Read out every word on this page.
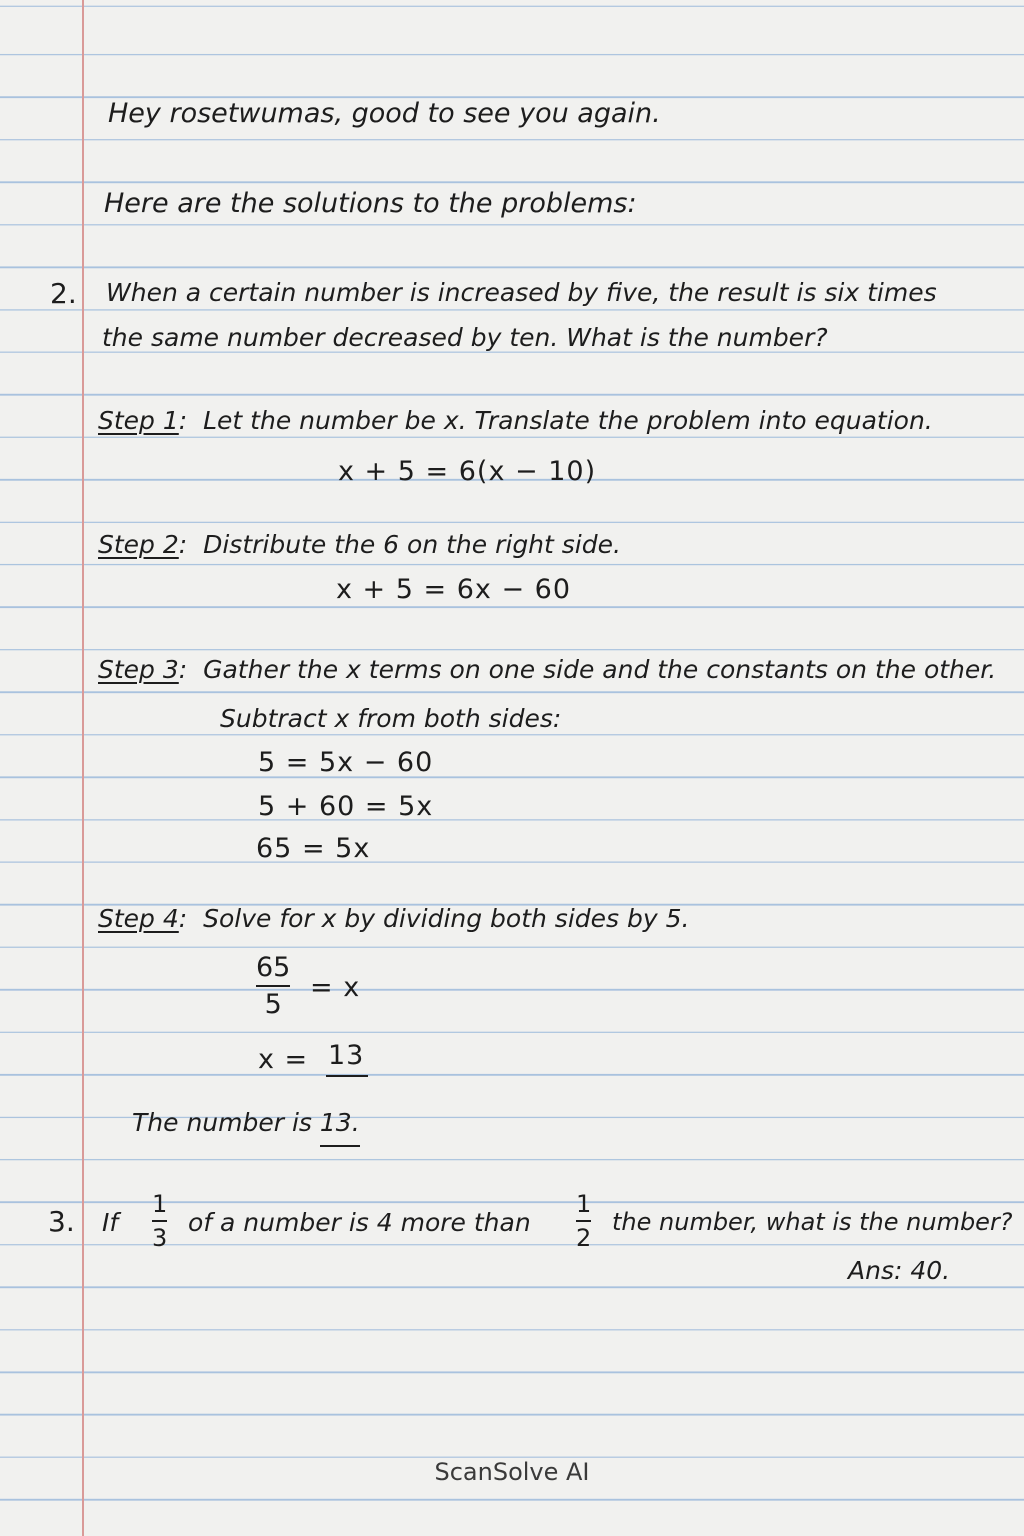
Hey rosetwumas, good to see you again.
Here are the solutions to the problems:
2. When a certain number is increased by five, the result is six times
the same number decreased by ten. What is the number?
Step 1:  Let the number be x. Translate the problem into equation.
x + 5 = 6(x − 10)
Step 2:  Distribute the 6 on the right side.
x + 5 = 6x − 60
Step 3:  Gather the x terms on one side and the constants on the other.
Subtract x from both sides:
5 = 5x − 60
5 + 60 = 5x
65 = 5x
Step 4:  Solve for x by dividing both sides by 5.
65
5
= x
x = 13
The number is 13.
3. If
1
3
of a number is 4 more than
1
2
the number, what is the number?
Ans: 40.
ScanSolve AI
